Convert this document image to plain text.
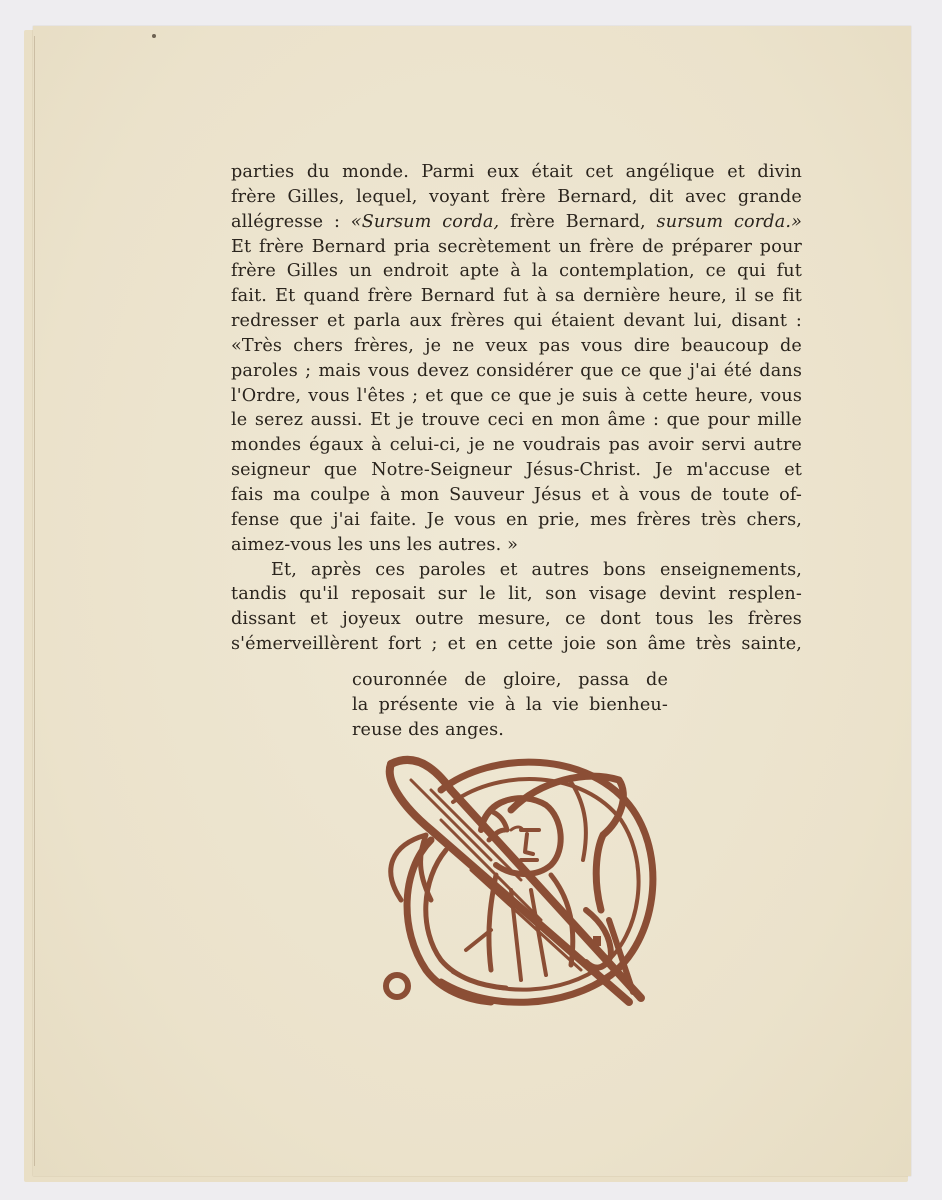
parties du monde. Parmi eux était cet angélique et divin
frère Gilles, lequel, voyant frère Bernard, dit avec grande
allégresse : «Sursum corda, frère Bernard, sursum corda.»
Et frère Bernard pria secrètement un frère de préparer pour
frère Gilles un endroit apte à la contemplation, ce qui fut
fait. Et quand frère Bernard fut à sa dernière heure, il se fit
redresser et parla aux frères qui étaient devant lui, disant :
«Très chers frères, je ne veux pas vous dire beaucoup de
paroles ; mais vous devez considérer que ce que j'ai été dans
l'Ordre, vous l'êtes ; et que ce que je suis à cette heure, vous
le serez aussi. Et je trouve ceci en mon âme : que pour mille
mondes égaux à celui-ci, je ne voudrais pas avoir servi autre
seigneur que Notre-Seigneur Jésus-Christ. Je m'accuse et
fais ma coulpe à mon Sauveur Jésus et à vous de toute of-
fense que j'ai faite. Je vous en prie, mes frères très chers,
aimez-vous les uns les autres. »
Et, après ces paroles et autres bons enseignements,
tandis qu'il reposait sur le lit, son visage devint resplen-
dissant et joyeux outre mesure, ce dont tous les frères
s'émerveillèrent fort ; et en cette joie son âme très sainte,
couronnée de gloire, passa de
la présente vie à la vie bienheu-
reuse des anges.
